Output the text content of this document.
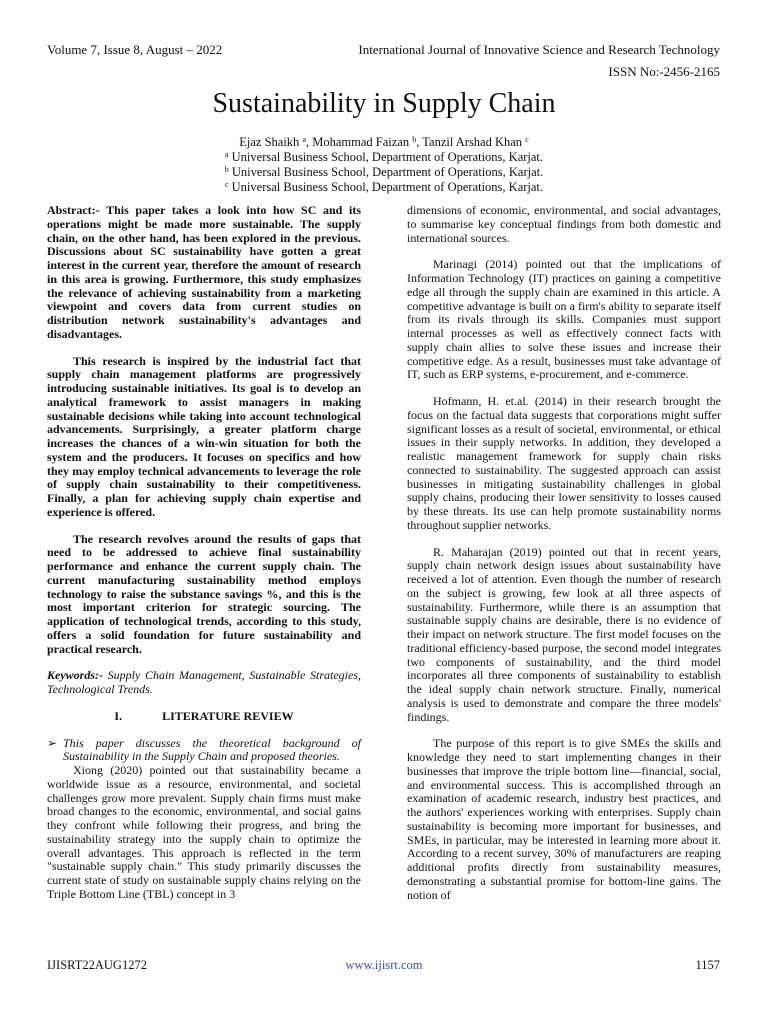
Volume 7, Issue 8, August – 2022	International Journal of Innovative Science and Research Technology
ISSN No:-2456-2165
Sustainability in Supply Chain
Ejaz Shaikh $^a$, Mohammad Faizan $^b$, Tanzil Arshad Khan $^c$
$^a$ Universal Business School, Department of Operations, Karjat.
$^b$ Universal Business School, Department of Operations, Karjat.
$^c$ Universal Business School, Department of Operations, Karjat.

Abstract:- This paper takes a look into how SC and its operations might be made more sustainable. The supply chain, on the other hand, has been explored in the previous. Discussions about SC sustainability have gotten a great interest in the current year, therefore the amount of research in this area is growing. Furthermore, this study emphasizes the relevance of achieving sustainability from a marketing viewpoint and covers data from current studies on distribution network sustainability's advantages and disadvantages.

This research is inspired by the industrial fact that supply chain management platforms are progressively introducing sustainable initiatives. Its goal is to develop an analytical framework to assist managers in making sustainable decisions while taking into account technological advancements. Surprisingly, a greater platform charge increases the chances of a win-win situation for both the system and the producers. It focuses on specifics and how they may employ technical advancements to leverage the role of supply chain sustainability to their competitiveness. Finally, a plan for achieving supply chain expertise and experience is offered.

The research revolves around the results of gaps that need to be addressed to achieve final sustainability performance and enhance the current supply chain. The current manufacturing sustainability method employs technology to raise the substance savings %, and this is the most important criterion for strategic sourcing. The application of technological trends, according to this study, offers a solid foundation for future sustainability and practical research.

Keywords:- Supply Chain Management, Sustainable Strategies, Technological Trends.

I.	LITERATURE REVIEW
➢ This paper discusses the theoretical background of Sustainability in the Supply Chain and proposed theories.

Xiong (2020) pointed out that sustainability became a worldwide issue as a resource, environmental, and societal challenges grow more prevalent. Supply chain firms must make broad changes to the economic, environmental, and social gains they confront while following their progress, and bring the sustainability strategy into the supply chain to optimize the overall advantages. This approach is reflected in the term "sustainable supply chain." This study primarily discusses the current state of study on sustainable supply chains relying on the Triple Bottom Line (TBL) concept in 3

dimensions of economic, environmental, and social advantages, to summarise key conceptual findings from both domestic and international sources.

Marinagi (2014) pointed out that the implications of Information Technology (IT) practices on gaining a competitive edge all through the supply chain are examined in this article. A competitive advantage is built on a firm's ability to separate itself from its rivals through its skills. Companies must support internal processes as well as effectively connect facts with supply chain allies to solve these issues and increase their competitive edge. As a result, businesses must take advantage of IT, such as ERP systems, e-procurement, and e-commerce.

Hofmann, H. et.al. (2014) in their research brought the focus on the factual data suggests that corporations might suffer significant losses as a result of societal, environmental, or ethical issues in their supply networks. In addition, they developed a realistic management framework for supply chain risks connected to sustainability. The suggested approach can assist businesses in mitigating sustainability challenges in global supply chains, producing their lower sensitivity to losses caused by these threats. Its use can help promote sustainability norms throughout supplier networks.

R. Maharajan (2019) pointed out that in recent years, supply chain network design issues about sustainability have received a lot of attention. Even though the number of research on the subject is growing, few look at all three aspects of sustainability. Furthermore, while there is an assumption that sustainable supply chains are desirable, there is no evidence of their impact on network structure. The first model focuses on the traditional efficiency-based purpose, the second model integrates two components of sustainability, and the third model incorporates all three components of sustainability to establish the ideal supply chain network structure. Finally, numerical analysis is used to demonstrate and compare the three models' findings.

The purpose of this report is to give SMEs the skills and knowledge they need to start implementing changes in their businesses that improve the triple bottom line—financial, social, and environmental success. This is accomplished through an examination of academic research, industry best practices, and the authors' experiences working with enterprises. Supply chain sustainability is becoming more important for businesses, and SMEs, in particular, may be interested in learning more about it. According to a recent survey, 30% of manufacturers are reaping additional profits directly from sustainability measures, demonstrating a substantial promise for bottom-line gains. The notion of

IJISRT22AUG1272	www.ijisrt.com	1157
